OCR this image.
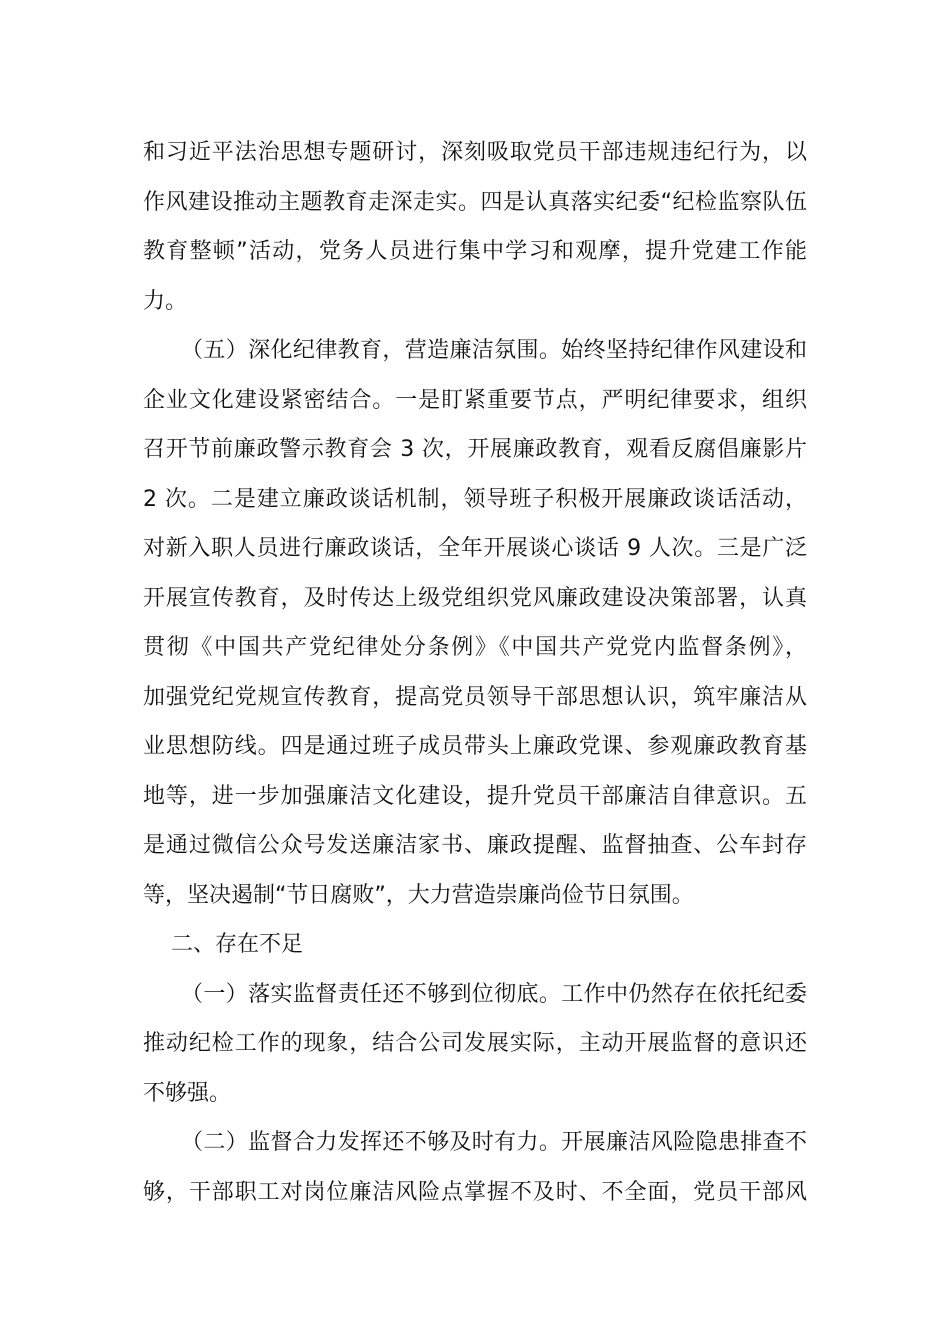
和习近平法治思想专题研讨，深刻吸取党员干部违规违纪行为，以
作风建设推动主题教育走深走实。四是认真落实纪委“纪检监察队伍
教育整顿”活动，党务人员进行集中学习和观摩，提升党建工作能
力。
（五）深化纪律教育，营造廉洁氛围。始终坚持纪律作风建设和
企业文化建设紧密结合。一是盯紧重要节点，严明纪律要求，组织
召开节前廉政警示教育会 3 次，开展廉政教育，观看反腐倡廉影片
2 次。二是建立廉政谈话机制，领导班子积极开展廉政谈话活动，
对新入职人员进行廉政谈话，全年开展谈心谈话 9 人次。三是广泛
开展宣传教育，及时传达上级党组织党风廉政建设决策部署，认真
贯彻《中国共产党纪律处分条例》《中国共产党党内监督条例》，
加强党纪党规宣传教育，提高党员领导干部思想认识，筑牢廉洁从
业思想防线。四是通过班子成员带头上廉政党课、参观廉政教育基
地等，进一步加强廉洁文化建设，提升党员干部廉洁自律意识。五
是通过微信公众号发送廉洁家书、廉政提醒、监督抽查、公车封存
等，坚决遏制“节日腐败”，大力营造崇廉尚俭节日氛围。
二、存在不足
（一）落实监督责任还不够到位彻底。工作中仍然存在依托纪委
推动纪检工作的现象，结合公司发展实际，主动开展监督的意识还
不够强。
（二）监督合力发挥还不够及时有力。开展廉洁风险隐患排查不
够，干部职工对岗位廉洁风险点掌握不及时、不全面，党员干部风
